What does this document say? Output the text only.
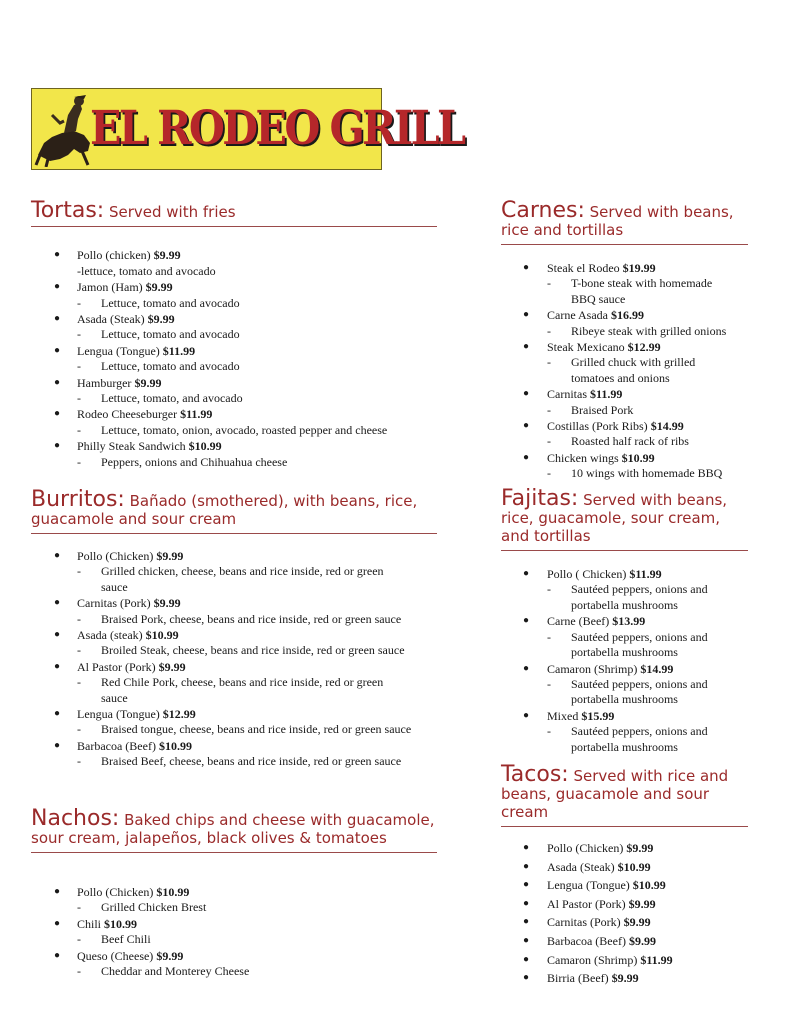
EL RODEO GRILL
Tortas: Served with fries
● Pollo (chicken) $9.99
-lettuce, tomato and avocado
● Jamon (Ham) $9.99
- Lettuce, tomato and avocado
● Asada (Steak) $9.99
- Lettuce, tomato and avocado
● Lengua (Tongue) $11.99
- Lettuce, tomato and avocado
● Hamburger $9.99
- Lettuce, tomato, and avocado
● Rodeo Cheeseburger $11.99
- Lettuce, tomato, onion, avocado, roasted pepper and cheese
● Philly Steak Sandwich $10.99
- Peppers, onions and Chihuahua cheese
Burritos: Bañado (smothered), with beans, rice, guacamole and sour cream
● Pollo (Chicken) $9.99
- Grilled chicken, cheese, beans and rice inside, red or green
sauce
● Carnitas (Pork) $9.99
- Braised Pork, cheese, beans and rice inside, red or green sauce
● Asada (steak) $10.99
- Broiled Steak, cheese, beans and rice inside, red or green sauce
● Al Pastor (Pork) $9.99
- Red Chile Pork, cheese, beans and rice inside, red or green
sauce
● Lengua (Tongue) $12.99
- Braised tongue, cheese, beans and rice inside, red or green sauce
● Barbacoa (Beef) $10.99
- Braised Beef, cheese, beans and rice inside, red or green sauce
Nachos: Baked chips and cheese with guacamole, sour cream, jalapeños, black olives & tomatoes
● Pollo (Chicken) $10.99
- Grilled Chicken Brest
● Chili $10.99
- Beef Chili
● Queso (Cheese) $9.99
- Cheddar and Monterey Cheese
Carnes: Served with beans, rice and tortillas
● Steak el Rodeo $19.99
- T-bone steak with homemade
BBQ sauce
● Carne Asada $16.99
- Ribeye steak with grilled onions
● Steak Mexicano $12.99
- Grilled chuck with grilled
tomatoes and onions
● Carnitas $11.99
- Braised Pork
● Costillas (Pork Ribs) $14.99
- Roasted half rack of ribs
● Chicken wings $10.99
- 10 wings with homemade BBQ
Fajitas: Served with beans, rice, guacamole, sour cream, and tortillas
● Pollo ( Chicken) $11.99
- Sautéed peppers, onions and
portabella mushrooms
● Carne (Beef) $13.99
- Sautéed peppers, onions and
portabella mushrooms
● Camaron (Shrimp) $14.99
- Sautéed peppers, onions and
portabella mushrooms
● Mixed $15.99
- Sautéed peppers, onions and
portabella mushrooms
Tacos: Served with rice and beans, guacamole and sour cream
● Pollo (Chicken) $9.99
● Asada (Steak) $10.99
● Lengua (Tongue) $10.99
● Al Pastor (Pork) $9.99
● Carnitas (Pork) $9.99
● Barbacoa (Beef) $9.99
● Camaron (Shrimp) $11.99
● Birria (Beef) $9.99
